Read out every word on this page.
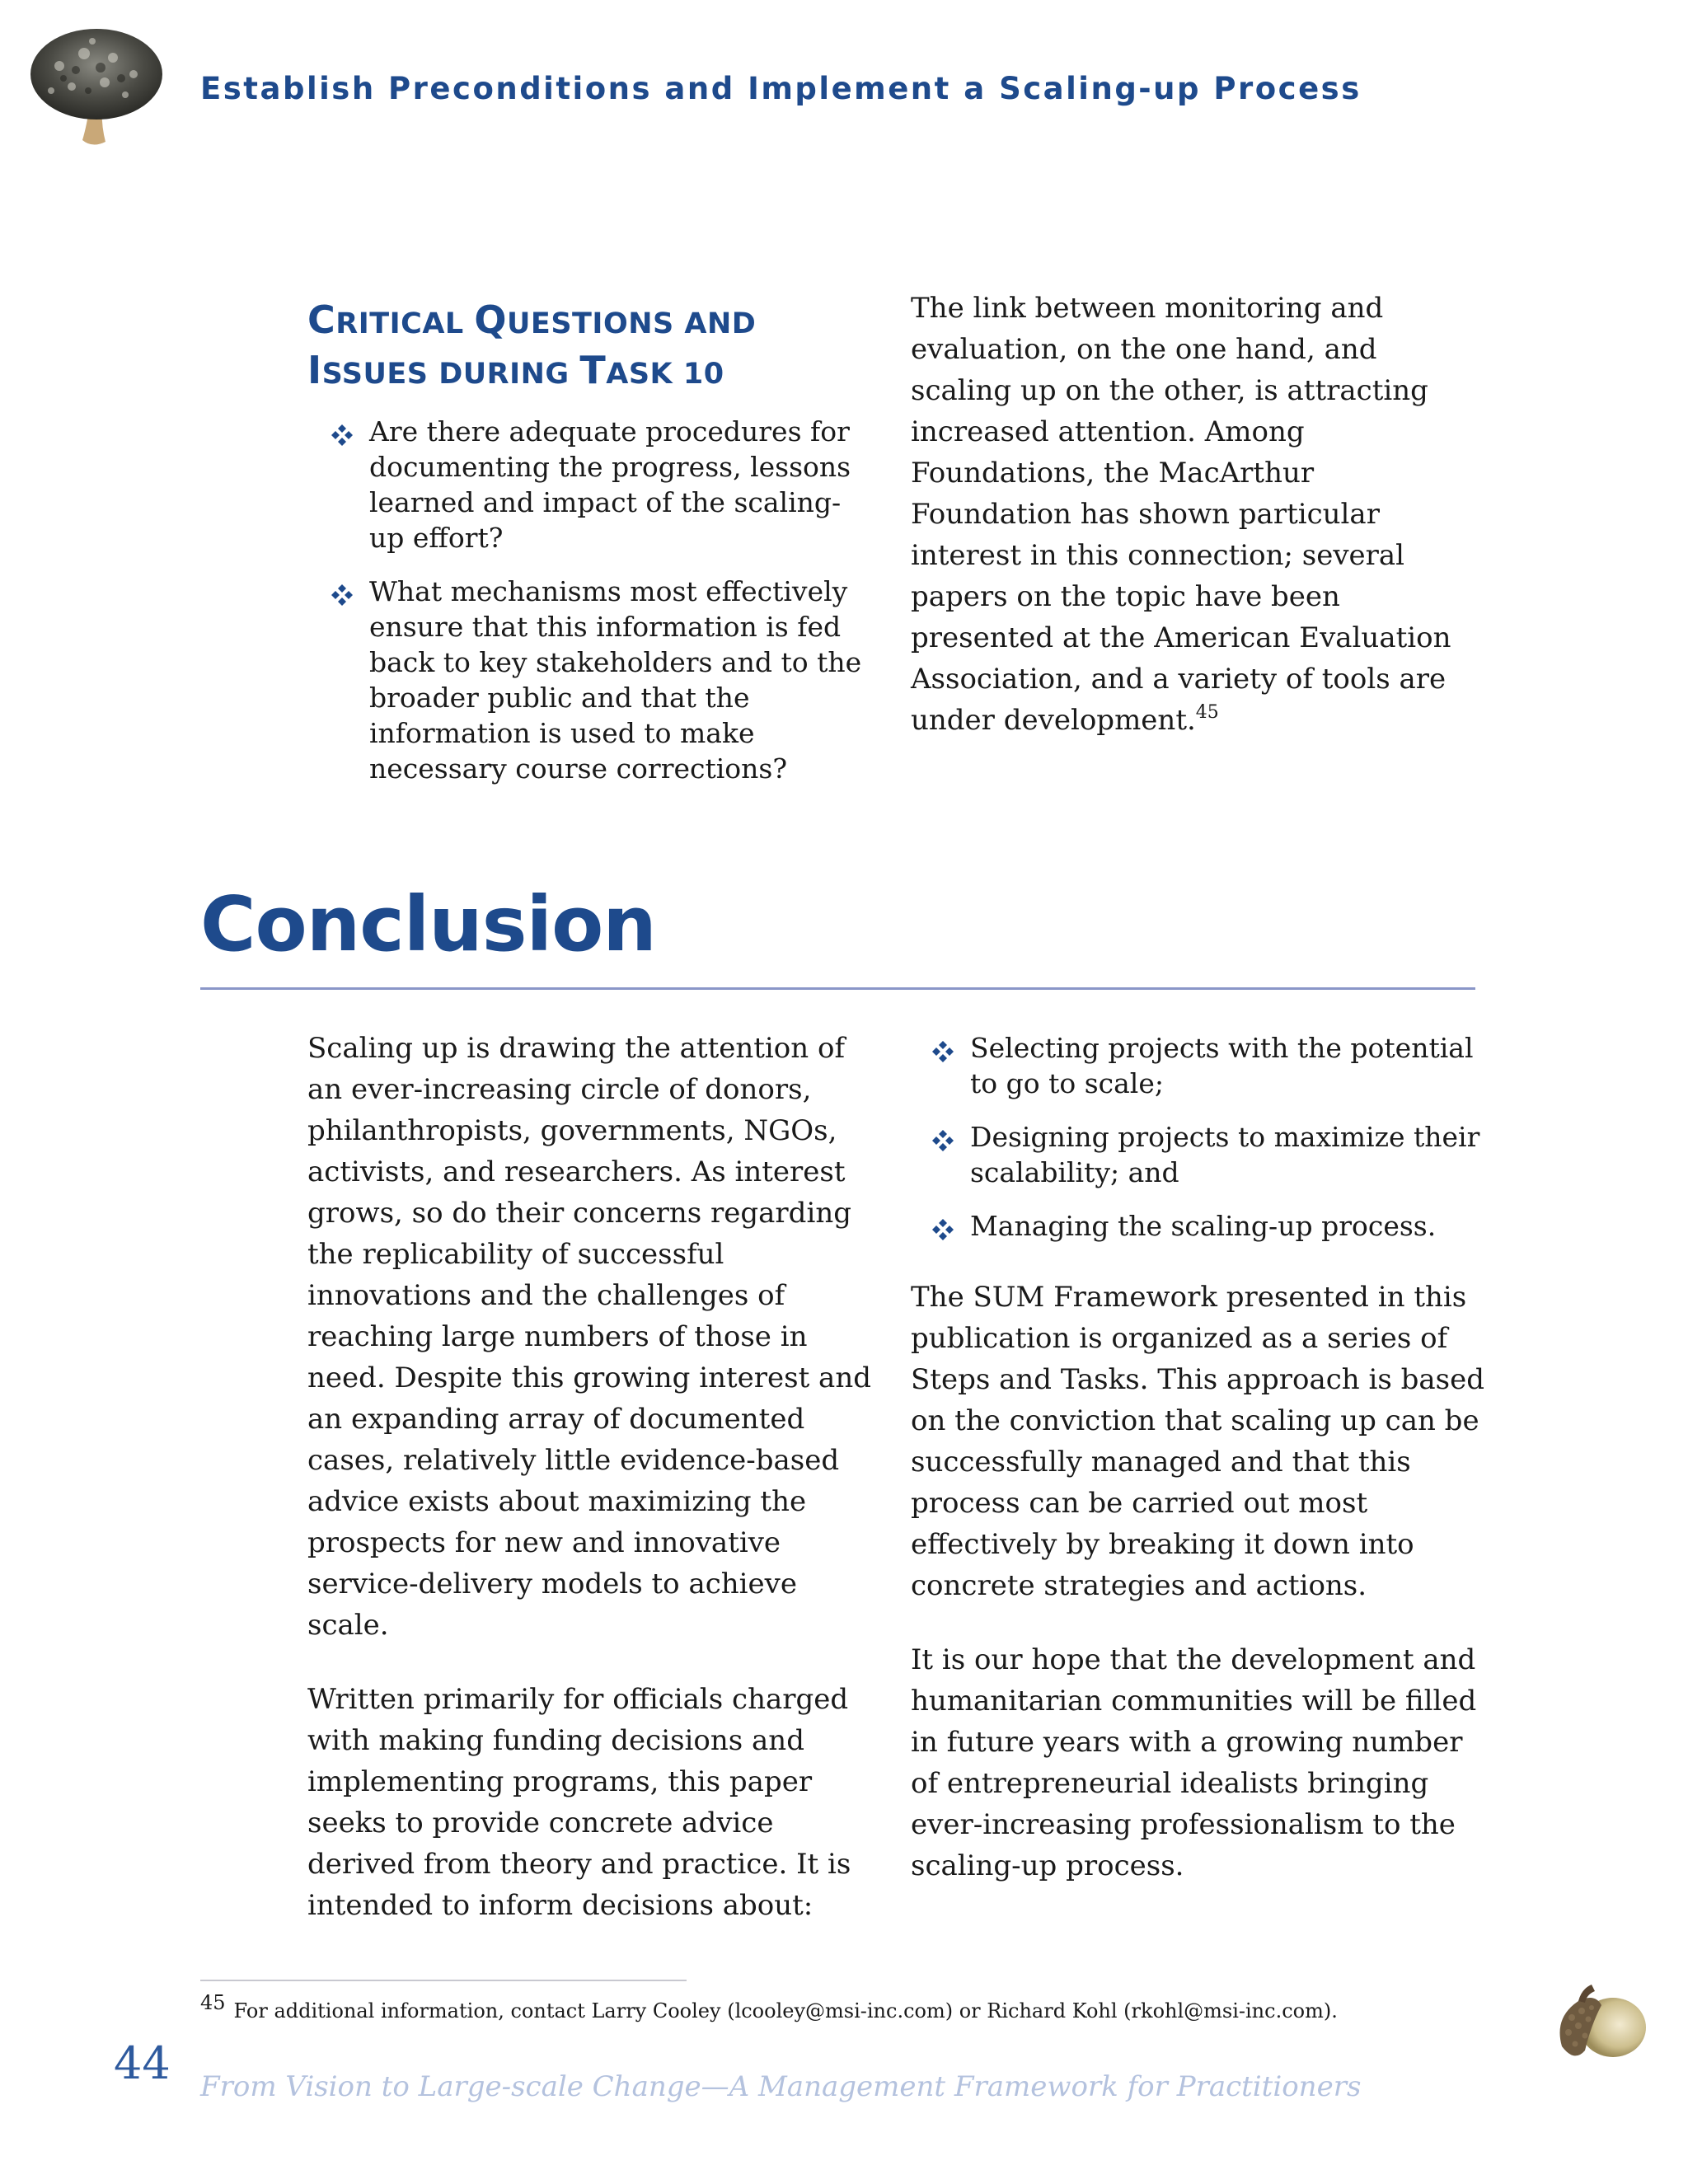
Establish Preconditions and Implement a Scaling-up Process
CRITICAL QUESTIONS AND
ISSUES DURING TASK 10
Are there adequate procedures for documenting the progress, lessons learned and impact of the scaling-up effort?
What mechanisms most effectively ensure that this information is fed back to key stakeholders and to the broader public and that the information is used to make necessary course corrections?

The link between monitoring and evaluation, on the one hand, and scaling up on the other, is attracting increased attention. Among Foundations, the MacArthur Foundation has shown particular interest in this connection; several papers on the topic have been presented at the American Evaluation Association, and a variety of tools are under development.$^{45}$

Conclusion

Scaling up is drawing the attention of an ever-increasing circle of donors, philanthropists, governments, NGOs, activists, and researchers. As interest grows, so do their concerns regarding the replicability of successful innovations and the challenges of reaching large numbers of those in need. Despite this growing interest and an expanding array of documented cases, relatively little evidence-based advice exists about maximizing the prospects for new and innovative service-delivery models to achieve scale.

Written primarily for officials charged with making funding decisions and implementing programs, this paper seeks to provide concrete advice derived from theory and practice. It is intended to inform decisions about:

Selecting projects with the potential to go to scale;
Designing projects to maximize their scalability; and
Managing the scaling-up process.

The SUM Framework presented in this publication is organized as a series of Steps and Tasks. This approach is based on the conviction that scaling up can be successfully managed and that this process can be carried out most effectively by breaking it down into concrete strategies and actions.

It is our hope that the development and humanitarian communities will be filled in future years with a growing number of entrepreneurial idealists bringing ever-increasing professionalism to the scaling-up process.

45 For additional information, contact Larry Cooley (lcooley@msi-inc.com) or Richard Kohl (rkohl@msi-inc.com).
44 From Vision to Large-scale Change—A Management Framework for Practitioners
